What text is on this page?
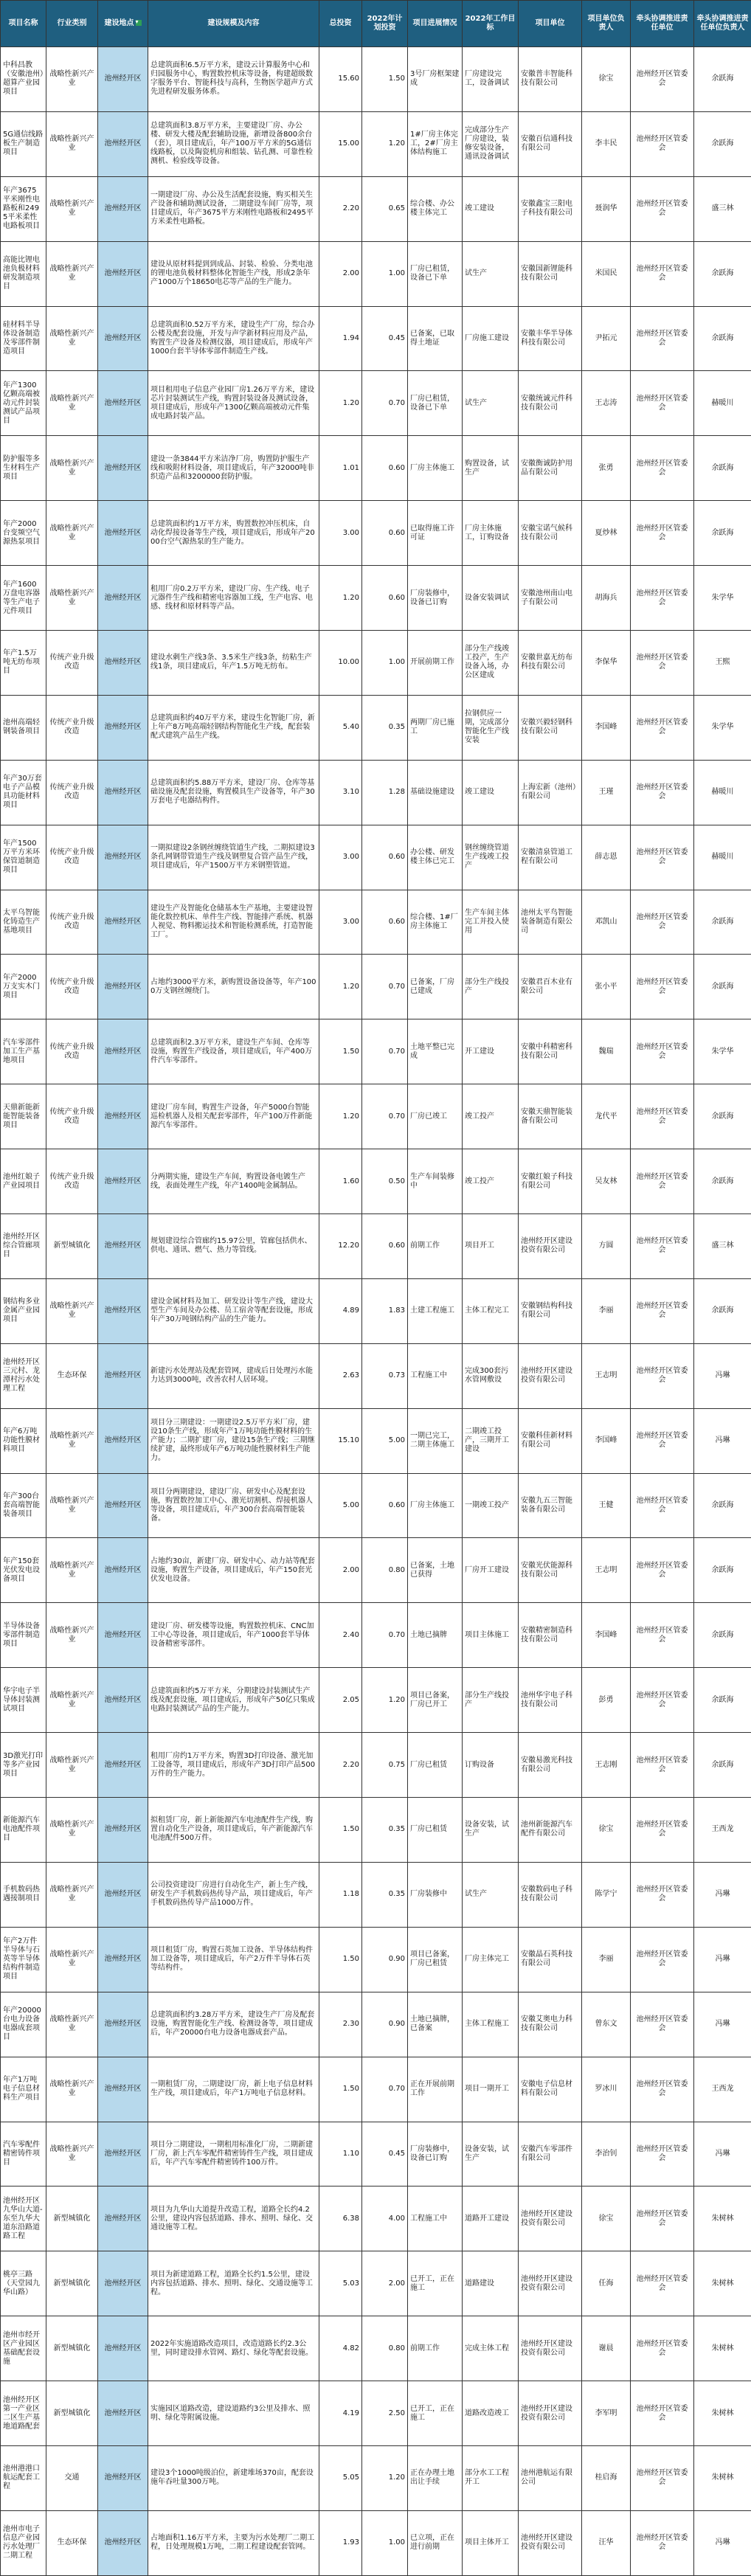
项目名称	行业类别	建设地点▾	建设规模及内容	总投资	2022年计划投资	项目进展情况	2022年工作目标	项目单位	项目单位负责人	牵头协调推进责任单位	牵头协调推进责任单位负责人
中科昌教（安徽池州）超算产业园项目	战略性新兴产业	池州经开区	总建筑面积6.5万平方米，建设云计算服务中心和归园服务中心，购置数控机床等设备，构建超级数字服务平台、智能科技与高科，生物医学超声方式先进程研发服务体系。	15.60	1.50	3号厂房框架建成	厂房建设完工，设备调试	安徽普丰智能科技有限公司	徐宝	池州经开区管委会	余跃海
5G通信线路板生产制造项目	战略性新兴产业	池州经开区	总建筑面积3.8万平方米，主要建设厂房、办公楼、研发大楼及配套辅助设施，新增设备800余台（套），项目建成后，年产100万平方米的5G通信线路板，以及陶瓷机房和组装、钻孔测、可靠性检测机、检验线等设备。	15.00	1.20	1#厂房主体完工，2#厂房主体结构施工	完成部分生产厂房建设，装修安装设备，通讯设备调试	安徽百信通科技有限公司	李丰民	池州经开区管委会	余跃海
年产3675平米刚性电路板和2495平米柔性电路板项目	战略性新兴产业	池州经开区	一期建设厂房、办公及生活配套设施，购买相关生产设备和辅助测试设备，二期建设车间厂房等，项目建成后，年产3675平方米刚性电路板和2495平方米柔性电路板。	2.20	0.65	综合楼、办公楼主体完工	竣工建设	安徽鑫宝三阳电子科技有限公司	聂润华	池州经开区管委会	盛三林
高能比锂电池负极材料研发制造项目	战略性新兴产业	池州经开区	建设从原材料提到到成品、封装、检验、分类电池的锂电池负极材料整体化智能生产线，形成2条年产1000万个18650电芯等产品的生产能力。	2.00	1.00	厂房已租赁，设备已下单	试生产	安徽国新锂能科技有限公司	米国民	池州经开区管委会	余跃海
硅材料半导体设备制造及零部件制造项目	战略性新兴产业	池州经开区	总建筑面积0.52万平方米，建设生产厂房，综合办公楼及配套设施，开发与声学新材料应用及产品，购置生产设备及检测仪器，项目建成后，形成年产1000台套半导体零部件制造生产线。	1.94	0.45	已备案，已取得土地证	厂房施工建设	安徽丰华半导体科技有限公司	尹拓元	池州经开区管委会	余跃海
年产1300亿颗高端被动元件封装测试产品项目	战略性新兴产业	池州经开区	项目租用电子信息产业园厂房1.26万平方米，建设芯片封装测试生产线，购置封装设备及测试设备，项目建成后，形成年产1300亿颗高端被动元件集成电路封装产品。	1.20	0.70	厂房已租赁，设备已下单	试生产	安徽统诚元件科技有限公司	王志涛	池州经开区管委会	赫暖川
防护服等多生材料生产项目	战略性新兴产业	池州经开区	建设一条3844平方米洁净厂房，购置防护服生产线和吸附材料设备，项目建成后，年产32000吨非织造产品和3200000套防护服。	1.01	0.60	厂房主体施工	购置设备，试生产	安徽衡诚防护用品有限公司	张勇	池州经开区管委会	余跃海
年产2000台变频空气源热泵项目	战略性新兴产业	池州经开区	总建筑面积约1万平方米，购置数控冲压机床，自动化焊接设备等生产线，项目建成后，形成年产2000台空气源热泵的生产能力。	3.00	0.60	已取得施工许可证	厂房主体施工，订购设备	安徽宝诺气候科技有限公司	夏炒林	池州经开区管委会	余跃海
年产1600万盘电容器等生产电子元件项目	战略性新兴产业	池州经开区	租用厂房0.2万平方米，建设厂房、生产线、电子元器件生产线和精密电容器加工线，生产电容、电感、线材和原材料等产品。	1.20	0.60	厂房装修中，设备已订购	设备安装调试	安徽池州南山电子有限公司	胡海兵	池州经开区管委会	朱学华
年产1.5万吨无纺布项目	传统产业升级改造	池州经开区	建设水刺生产线3条、3.5米生产线3条，纺粘生产线1条，项目建成后，年产1.5万吨无纺布。	10.00	1.00	开展前期工作	部分生产线竣工投产，生产设备入场，办公区建成	安徽世嘉无纺布科技有限公司	李保华	池州经开区管委会	王熙
池州高端轻钢装备项目	传统产业升级改造	池州经开区	总建筑面积约40万平方米，建设生化智能厂房，新上年产8万吨高端轻钢结构智能化生产线，配套装配式建筑产品生产线。	5.40	0.35	两期厂房已施工	拉钢供应一期，完成部分智能化生产线安装	安徽兴毅轻钢科技有限公司	李国峰	池州经开区管委会	朱学华
年产30万套电子产品模具功能材料项目	传统产业升级改造	池州经开区	总建筑面积约5.88万平方米，建设厂房、仓库等基础设施及配套设施，购置模具生产设备等，年产30万套电子电器结构件。	3.10	1.28	基础设施建设	竣工建设	上海宏新（池州）有限公司	王瑾	池州经开区管委会	赫暖川
年产1500万平方米环保管道制造项目	传统产业升级改造	池州经开区	一期拟建设2条钢丝缠绕管道生产线，二期拟建设3条孔网钢带管道生产线及钢塑复合管产品生产线，项目建成后，年产1500万平方米钢塑管道。	3.00	0.60	办公楼、研发楼主体已完工	钢丝缠绕管道生产线竣工投产	安徽清泉管道工程有限公司	薛志恩	池州经开区管委会	赫暖川
太平乌智能化铸造生产基地项目	传统产业升级改造	池州经开区	建设生产及智能化仓储基本生产基地，主要建设智能化数控机床、单件生产线、智能排产系统、机器人视觉、物料搬运技术和智能检测系统，打造智能工厂。	3.00	0.60	综合楼、1#厂房主体施工	生产车间主体完工并投入使用	池州太平鸟智能装备制造有限公司	邓凯山	池州经开区管委会	余跃海
年产2000万支实木门项目	传统产业升级改造	池州经开区	占地约3000平方米，新购置设备设备等，年产1000万支钢丝缠绕门。	1.20	0.70	已备案，厂房已建成	部分生产线投产	安徽君百木业有限公司	张小平	池州经开区管委会	余跃海
汽车零部件加工生产基地项目	传统产业升级改造	池州经开区	总建筑面积2.3万平方米，建设生产车间、仓库等设施，购置生产线设备，项目建成后，年产400万件汽车零部件。	1.50	0.70	土地平整已完成	开工建设	安徽中科精密科技有限公司	魏瑞	池州经开区管委会	朱学华
天鼎新能新能智能装备项目	传统产业升级改造	池州经开区	建设厂房车间，购置生产设备，年产5000台智能巡检机器人及相关配套零部件，年产100万件新能源汽车零部件。	1.20	0.70	厂房已竣工	竣工投产	安徽天鼎智能装备有限公司	龙代平	池州经开区管委会	余跃海
池州红娘子产业园项目	传统产业升级改造	池州经开区	分两期实施，建设生产车间，购置设备电镀生产线，表面处理生产线，年产1400吨金属制品。	1.60	0.50	生产车间装修中	竣工投产	安徽红娘子科技有限公司	吴友林	池州经开区管委会	余跃海
池州经开区综合管廊项目	新型城镇化	池州经开区	规划建设综合管廊约15.97公里，管廊包括供水、供电、通讯、燃气、热力等管线。	12.20	0.60	前期工作	项目开工	池州经开区建设投资有限公司	方圆	池州经开区管委会	盛三林
钢结构多业金属产业园项目	战略性新兴产业	池州经开区	建设金属材料及加工、研发设计等生产线，建设大型生产车间及办公楼、员工宿舍等配套设施，形成年产30万吨钢结构产品的生产能力。	4.89	1.83	土建工程施工	主体工程完工	安徽钢结构科技有限公司	李丽	池州经开区管委会	余跃海
池州经开区三元村、龙潭村污水处理工程	生态环保	池州经开区	新建污水处理站及配套管网，建成后日处理污水能力达到3000吨，改善农村人居环境。	2.63	0.73	工程施工中	完成300套污水管网敷设	池州经开区建设投资有限公司	王志明	池州经开区管委会	冯琳
年产6万吨功能性膜材料项目	战略性新兴产业	池州经开区	项目分三期建设：一期建设2.5万平方米厂房，建设10条生产线，形成年产1万吨功能性膜材料的生产能力；二期扩建厂房，建设15条生产线；三期继续扩建，最终形成年产6万吨功能性膜材料生产能力。	15.10	5.00	一期已完工，二期主体施工	二期竣工投产，三期开工建设	安徽科佳新材料有限公司	李国峰	池州经开区管委会	冯琳
年产300台套高端智能装备项目	战略性新兴产业	池州经开区	项目分两期建设，建设厂房、研发中心及配套设施，购置数控加工中心、激光切割机、焊接机器人等设备，项目建成后，年产300台套高端智能装备。	5.00	0.60	厂房主体施工	一期竣工投产	安徽九五三智能装备有限公司	王健	池州经开区管委会	余跃海
年产150套光伏发电设备项目	战略性新兴产业	池州经开区	占地约30亩，新建厂房、研发中心、动力站等配套设施，购置生产设备，项目建成后，年产150套光伏发电设备。	2.00	0.80	已备案，土地已获得	厂房开工建设	安徽光伏能源科技有限公司	王志明	池州经开区管委会	余跃海
半导体设备零部件制造项目	战略性新兴产业	池州经开区	建设厂房、研发楼等设施，购置数控机床、CNC加工中心等设备，项目建成后，年产1000套半导体设备精密零部件。	2.40	0.70	土地已摘牌	项目主体施工	安徽精密制造科技有限公司	李国峰	池州经开区管委会	余跃海
华宇电子半导体封装测试项目	战略性新兴产业	池州经开区	总建筑面积约5万平方米，分期建设封装测试生产线及配套设施，项目建成后，形成年产50亿只集成电路封装测试产品的生产能力。	2.05	1.20	项目已备案，厂房已开工	部分生产线投产	池州华宇电子科技有限公司	彭勇	池州经开区管委会	余跃海
3D激光打印等多产业园项目	战略性新兴产业	池州经开区	租用厂房约1万平方米，购置3D打印设备、激光加工设备等，项目建成后，形成年产3D打印产品500万件的生产能力。	2.20	0.75	厂房已租赁	订购设备	安徽易激光科技有限公司	王志刚	池州经开区管委会	余跃海
新能源汽车电池配件项目	战略性新兴产业	池州经开区	拟租赁厂房，新上新能源汽车电池配件生产线，购置自动化生产设备，项目建成后，年产新能源汽车电池配件500万件。	1.50	0.35	厂房已租赁	设备安装，试生产	池州新能源汽车配件有限公司	徐宝	池州经开区管委会	王西龙
手机数码热遇接制项目	战略性新兴产业	池州经开区	公司投资建设厂房进行自动化生产，新上生产线，研发生产手机数码热传导产品，项目建成后，年产手机数码热传导产品1000万件。	1.18	0.35	厂房装修中	试生产	安徽数码电子科技有限公司	陈学宁	池州经开区管委会	冯琳
年产2万件半导体与石英等半导体结构件制造项目	战略性新兴产业	池州经开区	项目租赁厂房，购置石英加工设备、半导体结构件加工设备等，项目建成后，年产2万件半导体石英等结构件。	1.50	0.90	项目已备案，厂房已租赁	厂房主体完工	安徽晶石英科技有限公司	李丽	池州经开区管委会	冯琳
年产20000台电力设备电器成套项目	战略性新兴产业	池州经开区	总建筑面积约3.28万平方米，建设生产厂房及配套设施，购置智能化生产线、检测设备等，项目建成后，年产20000台电力设备电器成套产品。	2.30	0.90	土地已摘牌，已备案	主体工程施工	安徽艾奥电力科技有限公司	曾东文	池州经开区管委会	冯琳
年产1万吨电子信息材料生产项目	战略性新兴产业	池州经开区	一期租赁厂房，二期建设厂房，新上电子信息材料生产线，项目建成后，年产1万吨电子信息材料。	1.50	0.70	正在开展前期工作	项目一期开工	安徽电子信息材料有限公司	罗冰川	池州经开区管委会	王西龙
汽车零配件精密铸件项目	战略性新兴产业	池州经开区	项目分二期建设，一期租用标准化厂房，二期新建厂房，新上汽车零配件精密铸件生产线，项目建成后，年产汽车零配件精密铸件100万件。	1.10	0.45	厂房装修中，设备已订购	设备安装，试生产	安徽汽车零部件有限公司	李治钊	池州经开区管委会	冯琳
池州经开区九华山大道-东至九华大道东沿路道路工程	新型城镇化	池州经开区	项目为九华山大道提升改造工程，道路全长约4.2公里，建设内容包括道路、排水、照明、绿化、交通设施等工程。	6.38	4.00	工程施工中	道路开工建设	池州经开区建设投资有限公司	徐宝	池州经开区管委会	朱树林
桃亭三路（天堂园九华山路）	新型城镇化	池州经开区	项目为新建道路工程，道路全长约1.5公里，建设内容包括道路、排水、照明、绿化、交通设施等工程。	5.03	2.00	已开工，正在施工	道路建设	池州经开区建设投资有限公司	任海	池州经开区管委会	朱树林
池州市经开区产业园区基础配套设施	新型城镇化	池州经开区	2022年实施道路改造项目，改造道路长约2.3公里，同时建设排水管网、路灯、绿化等配套设施。	4.82	0.80	前期工作	完成主体工程	池州经开区建设投资有限公司	谢晨	池州经开区管委会	朱树林
池州经开区第一产业区二区生产基地道路配套	新型城镇化	池州经开区	实施园区道路改造，建设道路约3公里及排水、照明、绿化等附属设施。	4.19	2.50	已开工，正在施工	道路改造竣工	池州经开区建设投资有限公司	李军明	池州经开区管委会	朱树林
池州港港口航运配套工程	交通	池州经开区	建设3个1000吨级泊位，新建堆场370亩，配套设施年吞吐量300万吨。	5.05	1.20	正在办理土地出让手续	部分水工工程开工	池州港航运有限公司	桂启海	池州经开区管委会	朱树林
池州市电子信息产业园污水处理厂二期工程	生态环保	池州经开区	占地面积1.16万平方米，主要为污水处理厂二期工程，日处理规模1万吨，二期工程建设配套管网。	1.93	1.00	已立项，正在进行前期	项目主体开工	池州经开区建设投资有限公司	汪华	池州经开区管委会	冯琳
